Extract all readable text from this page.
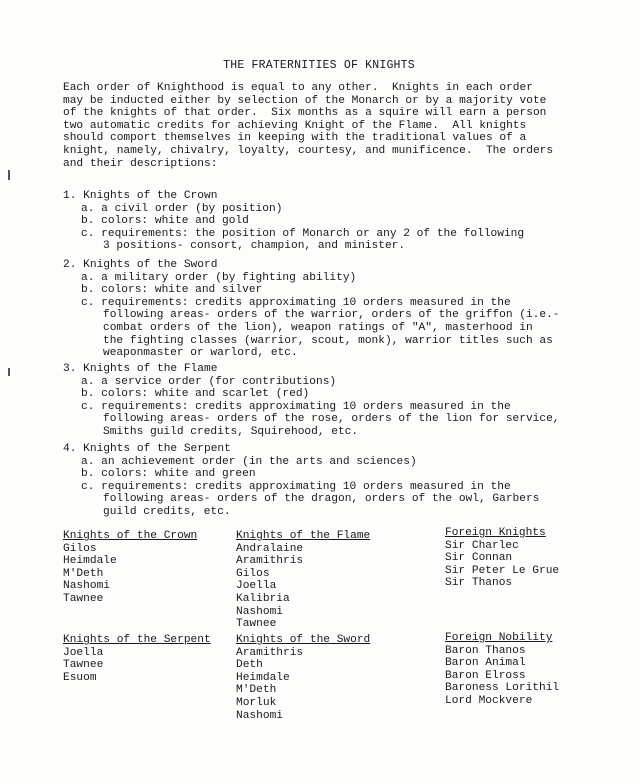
THE FRATERNITIES OF KNIGHTS
Each order of Knighthood is equal to any other.  Knights in each order
may be inducted either by selection of the Monarch or by a majority vote
of the knights of that order.  Six months as a squire will earn a person
two automatic credits for achieving Knight of the Flame.  All knights
should comport themselves in keeping with the traditional values of a
knight, namely, chivalry, loyalty, courtesy, and munificence.  The orders
and their descriptions:
1. Knights of the Crown
a. a civil order (by position)
b. colors: white and gold
c. requirements: the position of Monarch or any 2 of the following
3 positions- consort, champion, and minister.
2. Knights of the Sword
a. a military order (by fighting ability)
b. colors: white and silver
c. requirements: credits approximating 10 orders measured in the
following areas- orders of the warrior, orders of the griffon (i.e.-
combat orders of the lion), weapon ratings of "A", masterhood in
the fighting classes (warrior, scout, monk), warrior titles such as
weaponmaster or warlord, etc.
3. Knights of the Flame
a. a service order (for contributions)
b. colors: white and scarlet (red)
c. requirements: credits approximating 10 orders measured in the
following areas- orders of the rose, orders of the lion for service,
Smiths guild credits, Squirehood, etc.
4. Knights of the Serpent
a. an achievement order (in the arts and sciences)
b. colors: white and green
c. requirements: credits approximating 10 orders measured in the
following areas- orders of the dragon, orders of the owl, Garbers
guild credits, etc.
Knights of the Crown
Gilos
Heimdale
M'Deth
Nashomi
Tawnee
Knights of the Flame
Andralaine
Aramithris
Gilos
Joella
Kalibria
Nashomi
Tawnee
Foreign Knights
Sir Charlec
Sir Connan
Sir Peter Le Grue
Sir Thanos
Knights of the Serpent
Joella
Tawnee
Esuom
Knights of the Sword
Aramithris
Deth
Heimdale
M'Deth
Morluk
Nashomi
Foreign Nobility
Baron Thanos
Baron Animal
Baron Elross
Baroness Lorithil
Lord Mockvere
